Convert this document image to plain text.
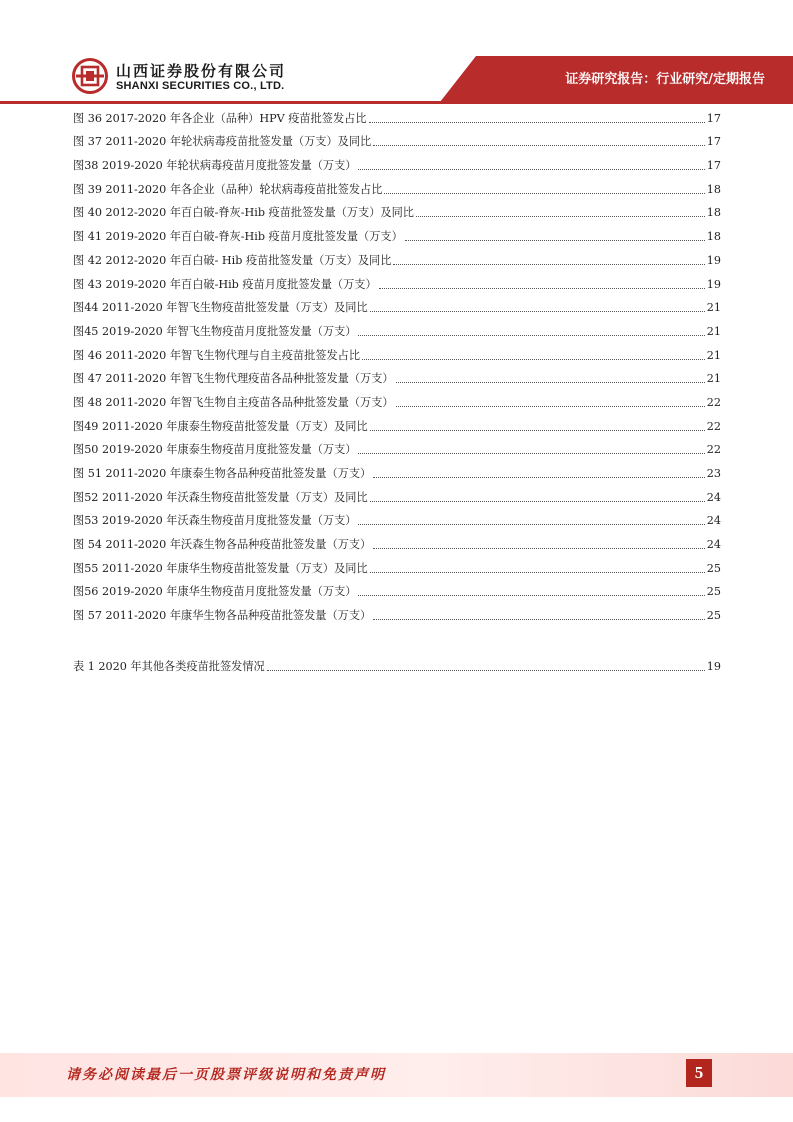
山西证券股份有限公司
SHANXI SECURITIES CO., LTD.	证券研究报告：行业研究/定期报告
图 36 2017-2020 年各企业（品种）HPV 疫苗批签发占比	17
图 37 2011-2020 年轮状病毒疫苗批签发量（万支）及同比	17
图38 2019-2020 年轮状病毒疫苗月度批签发量（万支）	17
图 39 2011-2020 年各企业（品种）轮状病毒疫苗批签发占比	18
图 40 2012-2020 年百白破-脊灰-Hib 疫苗批签发量（万支）及同比	18
图 41 2019-2020 年百白破-脊灰-Hib 疫苗月度批签发量（万支）	18
图 42 2012-2020 年百白破- Hib 疫苗批签发量（万支）及同比	19
图 43 2019-2020 年百白破-Hib 疫苗月度批签发量（万支）	19
图44 2011-2020 年智飞生物疫苗批签发量（万支）及同比	21
图45 2019-2020 年智飞生物疫苗月度批签发量（万支）	21
图 46 2011-2020 年智飞生物代理与自主疫苗批签发占比	21
图 47 2011-2020 年智飞生物代理疫苗各品种批签发量（万支）	21
图 48 2011-2020 年智飞生物自主疫苗各品种批签发量（万支）	22
图49 2011-2020 年康泰生物疫苗批签发量（万支）及同比	22
图50 2019-2020 年康泰生物疫苗月度批签发量（万支）	22
图 51 2011-2020 年康泰生物各品种疫苗批签发量（万支）	23
图52 2011-2020 年沃森生物疫苗批签发量（万支）及同比	24
图53 2019-2020 年沃森生物疫苗月度批签发量（万支）	24
图 54 2011-2020 年沃森生物各品种疫苗批签发量（万支）	24
图55 2011-2020 年康华生物疫苗批签发量（万支）及同比	25
图56 2019-2020 年康华生物疫苗月度批签发量（万支）	25
图 57 2011-2020 年康华生物各品种疫苗批签发量（万支）	25
表 1 2020 年其他各类疫苗批签发情况	19
请务必阅读最后一页股票评级说明和免责声明	5
